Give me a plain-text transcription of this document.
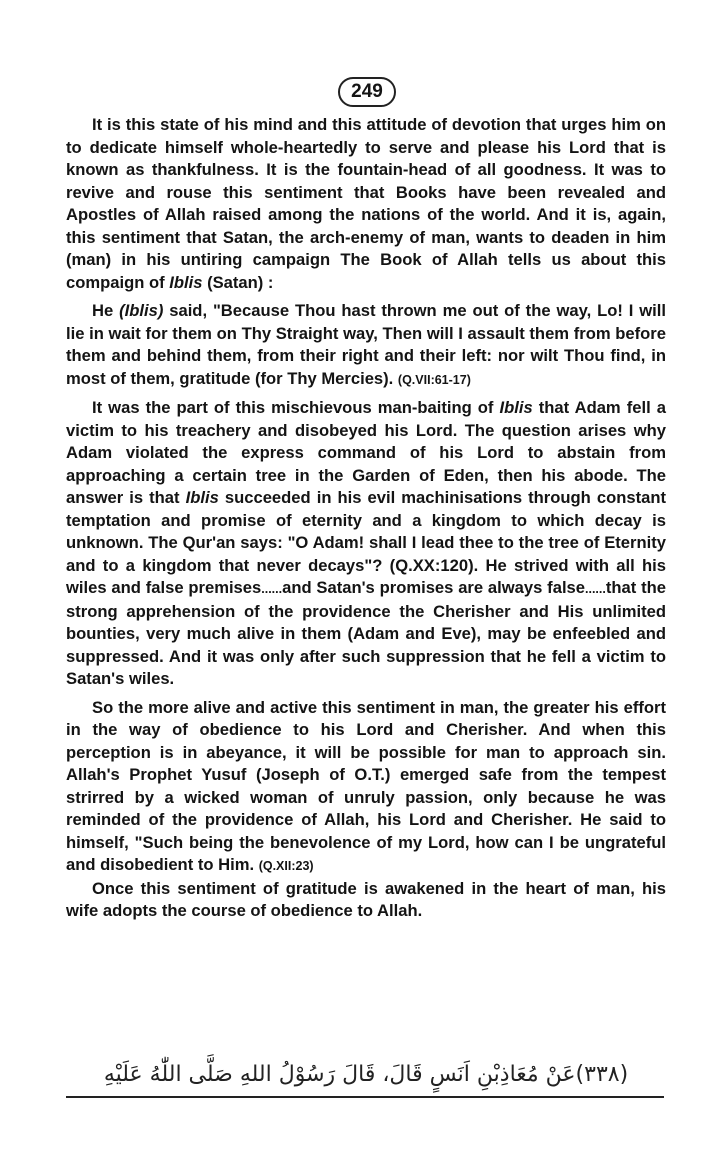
249

It is this state of his mind and this attitude of devotion that urges him on to dedicate himself whole-heartedly to serve and please his Lord that is known as thankfulness. It is the fountain-head of all goodness. It was to revive and rouse this sentiment that Books have been revealed and Apostles of Allah raised among the nations of the world. And it is, again, this sentiment that Satan, the arch-enemy of man, wants to deaden in him (man) in his untiring campaign The Book of Allah tells us about this compaign of Iblis (Satan) :

He (Iblis) said, "Because Thou hast thrown me out of the way, Lo! I will lie in wait for them on Thy Straight way, Then will I assault them from before them and behind them, from their right and their left: nor wilt Thou find, in most of them, gratitude (for Thy Mercies). (Q.VII:61-17)

It was the part of this mischievous man-baiting of Iblis that Adam fell a victim to his treachery and disobeyed his Lord. The question arises why Adam violated the express command of his Lord to abstain from approaching a certain tree in the Garden of Eden, then his abode. The answer is that Iblis succeeded in his evil machinisations through constant temptation and promise of eternity and a kingdom to which decay is unknown. The Qur'an says: "O Adam! shall I lead thee to the tree of Eternity and to a kingdom that never decays"? (Q.XX:120). He strived with all his wiles and false premises......and Satan's promises are always false......that the strong apprehension of the providence the Cherisher and His unlimited bounties, very much alive in them (Adam and Eve), may be enfeebled and suppressed. And it was only after such suppression that he fell a victim to Satan's wiles.

So the more alive and active this sentiment in man, the greater his effort in the way of obedience to his Lord and Cherisher. And when this perception is in abeyance, it will be possible for man to approach sin. Allah's Prophet Yusuf (Joseph of O.T.) emerged safe from the tempest strirred by a wicked woman of unruly passion, only because he was reminded of the providence of Allah, his Lord and Cherisher. He said to himself, "Such being the benevolence of my Lord, how can I be ungrateful and disobedient to Him. (Q.XII:23)

Once this sentiment of gratitude is awakened in the heart of man, his wife adopts the course of obedience to Allah.

(٣٣٨)عَنْ مُعَاذِبْنِ اَنَسٍ قَالَ، قَالَ رَسُوْلُ اللهِ صَلَّى اللّٰهُ عَلَيْهِ
